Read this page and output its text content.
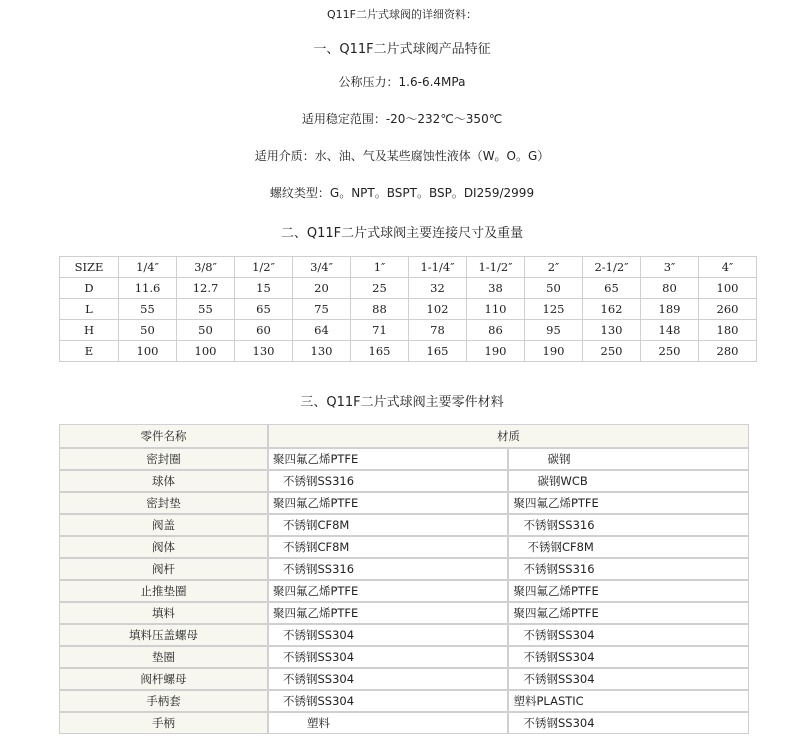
Q11F二片式球阀的详细资料：
一、Q11F二片式球阀产品特征
公称压力：1.6-6.4MPa
适用稳定范围：-20～232℃～350℃
适用介质：水、油、气及某些腐蚀性液体（W。O。G）
螺纹类型：G。NPT。BSPT。BSP。DI259/2999
二、Q11F二片式球阀主要连接尺寸及重量
SIZE	1/4″	3/8″	1/2″	3/4″	1″	1-1/4″	1-1/2″	2″	2-1/2″	3″	4″
D	11.6	12.7	15	20	25	32	38	50	65	80	100
L	55	55	65	75	88	102	110	125	162	189	260
H	50	50	60	64	71	78	86	95	130	148	180
E	100	100	130	130	165	165	190	190	250	250	280
三、Q11F二片式球阀主要零件材料
零件名称	材质	
密封圈	聚四氟乙烯PTFE	碳钢
球体	不锈钢SS316	碳钢WCB
密封垫	聚四氟乙烯PTFE	聚四氟乙烯PTFE
阀盖	不锈钢CF8M	不锈钢SS316
阀体	不锈钢CF8M	不锈钢CF8M
阀杆	不锈钢SS316	不锈钢SS316
止推垫圈	聚四氟乙烯PTFE	聚四氟乙烯PTFE
填料	聚四氟乙烯PTFE	聚四氟乙烯PTFE
填料压盖螺母	不锈钢SS304	不锈钢SS304
垫圈	不锈钢SS304	不锈钢SS304
阀杆螺母	不锈钢SS304	不锈钢SS304
手柄套	不锈钢SS304	塑料PLASTIC
手柄	塑料	不锈钢SS304
